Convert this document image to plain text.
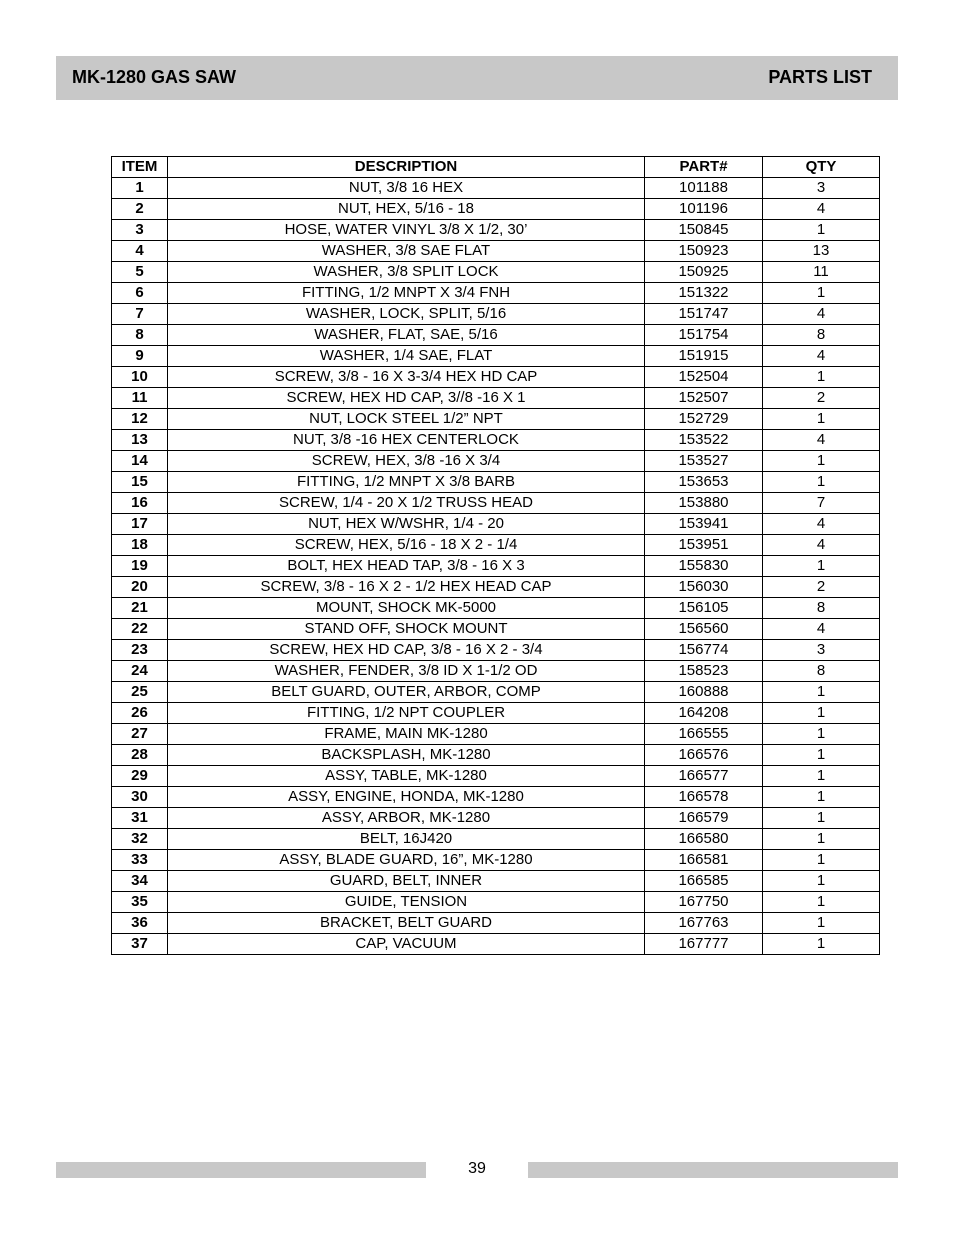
MK-1280 GAS SAW	PARTS LIST
ITEM	DESCRIPTION	PART#	QTY
1	NUT, 3/8 16 HEX	101188	3
2	NUT, HEX, 5/16 - 18	101196	4
3	HOSE, WATER VINYL 3/8 X 1/2, 30’	150845	1
4	WASHER, 3/8 SAE FLAT	150923	13
5	WASHER, 3/8 SPLIT LOCK	150925	11
6	FITTING, 1/2 MNPT X 3/4 FNH	151322	1
7	WASHER, LOCK, SPLIT, 5/16	151747	4
8	WASHER, FLAT, SAE, 5/16	151754	8
9	WASHER, 1/4 SAE, FLAT	151915	4
10	SCREW, 3/8 - 16 X 3-3/4 HEX HD CAP	152504	1
11	SCREW, HEX HD CAP, 3//8 -16 X 1	152507	2
12	NUT, LOCK STEEL 1/2” NPT	152729	1
13	NUT, 3/8 -16 HEX CENTERLOCK	153522	4
14	SCREW, HEX, 3/8 -16 X 3/4	153527	1
15	FITTING, 1/2 MNPT X 3/8 BARB	153653	1
16	SCREW, 1/4 - 20 X 1/2 TRUSS HEAD	153880	7
17	NUT, HEX W/WSHR, 1/4 - 20	153941	4
18	SCREW, HEX, 5/16 - 18 X 2 - 1/4	153951	4
19	BOLT, HEX HEAD TAP, 3/8 - 16 X 3	155830	1
20	SCREW, 3/8 - 16 X 2 - 1/2 HEX HEAD CAP	156030	2
21	MOUNT, SHOCK MK-5000	156105	8
22	STAND OFF, SHOCK MOUNT	156560	4
23	SCREW, HEX HD CAP, 3/8 - 16 X 2 - 3/4	156774	3
24	WASHER, FENDER, 3/8 ID X 1-1/2 OD	158523	8
25	BELT GUARD, OUTER, ARBOR, COMP	160888	1
26	FITTING, 1/2 NPT COUPLER	164208	1
27	FRAME, MAIN MK-1280	166555	1
28	BACKSPLASH, MK-1280	166576	1
29	ASSY, TABLE, MK-1280	166577	1
30	ASSY, ENGINE, HONDA, MK-1280	166578	1
31	ASSY, ARBOR, MK-1280	166579	1
32	BELT, 16J420	166580	1
33	ASSY, BLADE GUARD, 16”, MK-1280	166581	1
34	GUARD, BELT, INNER	166585	1
35	GUIDE, TENSION	167750	1
36	BRACKET, BELT GUARD	167763	1
37	CAP, VACUUM	167777	1
39
